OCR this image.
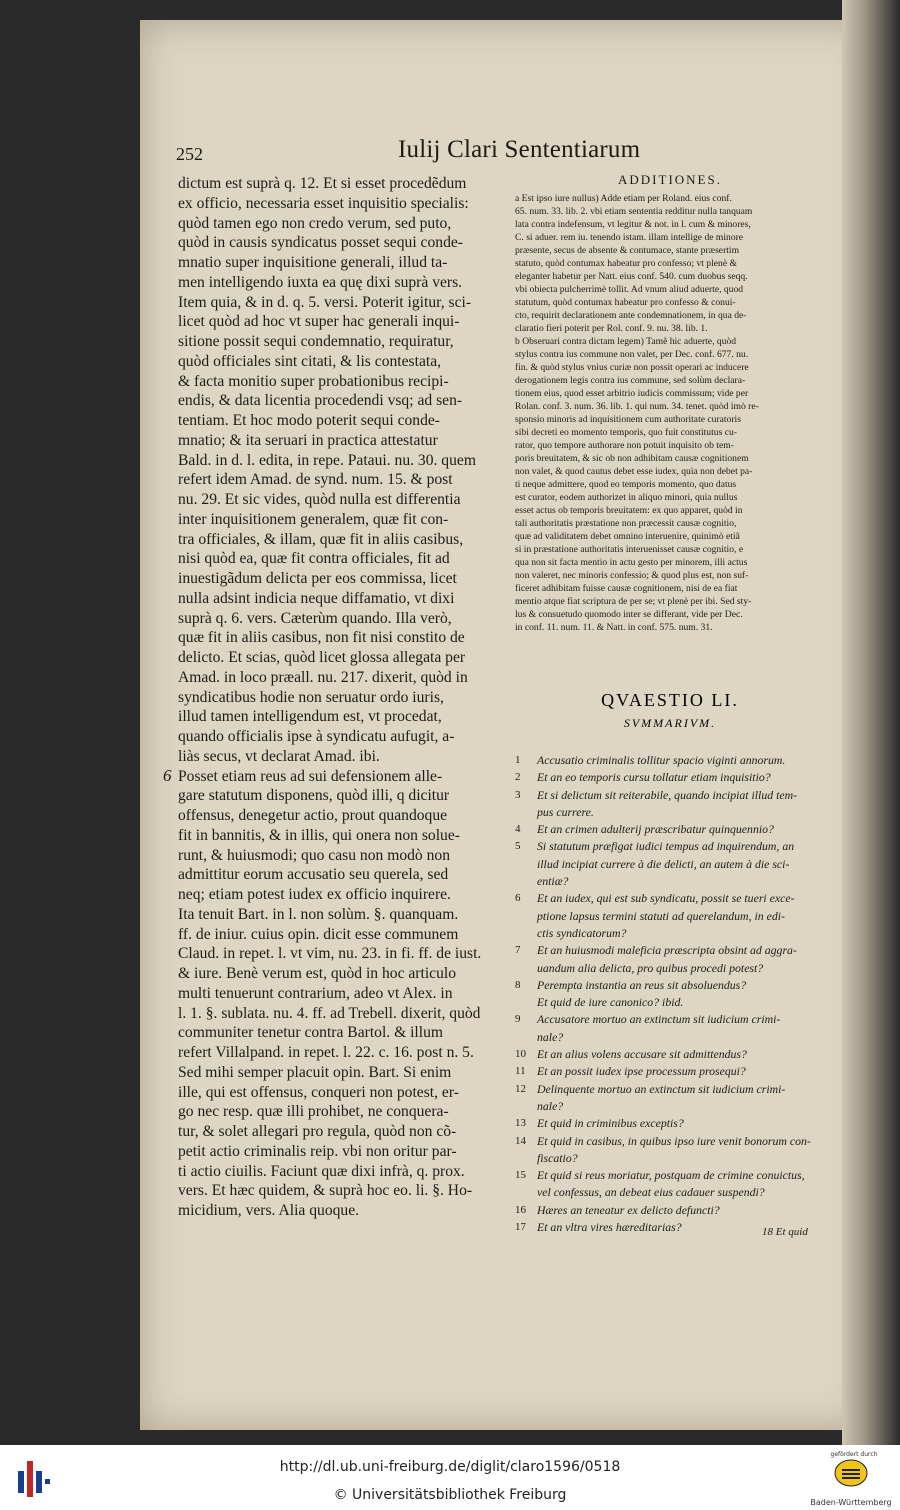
252	Iulij Clari Sententiarum
dictum est suprà q. 12. Et si esset procedẽdum
ex officio, necessaria esset inquisitio specialis:
quòd tamen ego non credo verum, sed puto,
quòd in causis syndicatus posset sequi conde-
mnatio super inquisitione generali, illud ta-
men intelligendo iuxta ea quę dixi suprà vers.
Item quia, & in d. q. 5. versi. Poterit igitur, sci-
licet quòd ad hoc vt super hac generali inqui-
sitione possit sequi condemnatio, requiratur,
quòd officiales sint citati, & lis contestata,
& facta monitio super probationibus recipi-
endis, & data licentia procedendi vsq; ad sen-
tentiam. Et hoc modo poterit sequi conde-
mnatio; & ita seruari in practica attestatur
Bald. in d. l. edita, in repe. Pataui. nu. 30. quem
refert idem Amad. de synd. num. 15. & post
nu. 29. Et sic vides, quòd nulla est differentia
inter inquisitionem generalem, quæ fit con-
tra officiales, & illam, quæ fit in aliis casibus,
nisi quòd ea, quæ fit contra officiales, fit ad
inuestigãdum delicta per eos commissa, licet
nulla adsint indicia neque diffamatio, vt dixi
suprà q. 6. vers. Cæterùm quando. Illa verò,
quæ fit in aliis casibus, non fit nisi constito de
delicto. Et scias, quòd licet glossa allegata per
Amad. in loco præall. nu. 217. dixerit, quòd in
syndicatibus hodie non seruatur ordo iuris,
illud tamen intelligendum est, vt procedat,
quando officialis ipse à syndicatu aufugit, a-
liàs secus, vt declarat Amad. ibi.
Posset etiam reus ad sui defensionem alle-
gare statutum disponens, quòd illi, q dicitur
offensus, denegetur actio, prout quandoque
fit in bannitis, & in illis, qui onera non solue-
runt, & huiusmodi; quo casu non modò non
admittitur eorum accusatio seu querela, sed
neq; etiam potest iudex ex officio inquirere.
Ita tenuit Bart. in l. non solùm. §. quanquam.
ff. de iniur. cuius opin. dicit esse communem
Claud. in repet. l. vt vim, nu. 23. in fi. ff. de iust.
& iure. Benè verum est, quòd in hoc articulo
multi tenuerunt contrarium, adeo vt Alex. in
l. 1. §. sublata. nu. 4. ff. ad Trebell. dixerit, quòd
communiter tenetur contra Bartol. & illum
refert Villalpand. in repet. l. 22. c. 16. post n. 5.
Sed mihi semper placuit opin. Bart. Si enim
ille, qui est offensus, conqueri non potest, er-
go nec resp. quæ illi prohibet, ne conquera-
tur, & solet allegari pro regula, quòd non cõ-
petit actio criminalis reip. vbi non oritur par-
ti actio ciuilis. Faciunt quæ dixi infrà, q. prox.
vers. Et hæc quidem, & suprà hoc eo. li. §. Ho-
micidium, vers. Alia quoque.
6
ADDITIONES.
a Est ipso iure nullus) Adde etiam per Roland. eius conf.
65. num. 33. lib. 2. vbi etiam sententia redditur nulla tanquam
lata contra indefensum, vt legitur & not. in l. cum & minores,
C. si aduer. rem iu. tenendo istam. illam intellige de minore
præsente, secus de absente & contumace, stante præsertim
statuto, quòd contumax habeatur pro confesso; vt plenè &
eleganter habetur per Natt. eius conf. 540. cum duobus seqq.
vbi obiecta pulcherrimè tollit. Ad vnum aliud aduerte, quod
statutum, quòd contumax habeatur pro confesso & conui-
cto, requirit declarationem ante condemnationem, in qua de-
claratio fieri poterit per Rol. conf. 9. nu. 38. lib. 1.
b Obseruari contra dictam legem) Tamẽ hic aduerte, quòd
stylus contra ius commune non valet, per Dec. conf. 677. nu.
fin. & quòd stylus vnius curiæ non possit operari ac inducere
derogationem legis contra ius commune, sed solùm declara-
tionem eius, quod esset arbitrio iudicis commissum; vide per
Rolan. conf. 3. num. 36. lib. 1. qui num. 34. tenet. quòd imò re-
sponsio minoris ad inquisitionem cum authoritate curatoris
sibi decreti eo momento temporis, quo fuit constitutus cu-
rator, quo tempore authorare non potuit inquisito ob tem-
poris breuitatem, & sic ob non adhibitam causæ cognitionem
non valet, & quod cautus debet esse iudex, quia non debet pa-
ti neque admittere, quod eo temporis momento, quo datus
est curator, eodem authorizet in aliquo minori, quia nullus
esset actus ob temporis breuitatem: ex quo apparet, quòd in
tali authoritatis præstatione non præcessit causæ cognitio,
quæ ad validitatem debet omnino interuenire, quinimò etiã
si in præstatione authoritatis interuenisset causæ cognitio, e
qua non sit facta mentio in actu gesto per minorem, illi actus
non valeret, nec minoris confessio; & quod plus est, non suf-
ficeret adhibitam fuisse causæ cognitionem, nisi de ea fiat
mentio atque fiat scriptura de per se; vt plenè per ibi. Sed sty-
lus & consuetudo quomodo inter se differant, vide per Dec.
in conf. 11. num. 11. & Natt. in conf. 575. num. 31.
QVAESTIO LI.
SVMMARIVM.
1	Accusatio criminalis tollitur spacio viginti annorum.
2	Et an eo temporis cursu tollatur etiam inquisitio?
3	Et si delictum sit reiterabile, quando incipiat illud tem-
pus currere.
4	Et an crimen adulterij præscribatur quinquennio?
5	Si statutum præfigat iudici tempus ad inquirendum, an
illud incipiat currere à die delicti, an autem à die sci-
entiæ?
6	Et an iudex, qui est sub syndicatu, possit se tueri exce-
ptione lapsus termini statuti ad querelandum, in edi-
ctis syndicatorum?
7	Et an huiusmodi maleficia præscripta obsint ad aggra-
uandum alia delicta, pro quibus procedi potest?
8	Perempta instantia an reus sit absoluendus?
Et quid de iure canonico? ibid.
9	Accusatore mortuo an extinctum sit iudicium crimi-
nale?
10 Et an alius volens accusare sit admittendus?
11 Et an possit iudex ipse processum prosequi?
12 Delinquente mortuo an extinctum sit iudicium crimi-
nale?
13 Et quid in criminibus exceptis?
14 Et quid in casibus, in quibus ipso iure venit bonorum con-
fiscatio?
15 Et quid si reus moriatur, postquam de crimine conuictus,
vel confessus, an debeat eius cadauer suspendi?
16 Hæres an teneatur ex delicto defuncti?
17 Et an vltra vires hæreditarias?	18 Et quid
http://dl.ub.uni-freiburg.de/diglit/claro1596/0518
© Universitätsbibliothek Freiburg
gefördert durch
Baden-Württemberg
